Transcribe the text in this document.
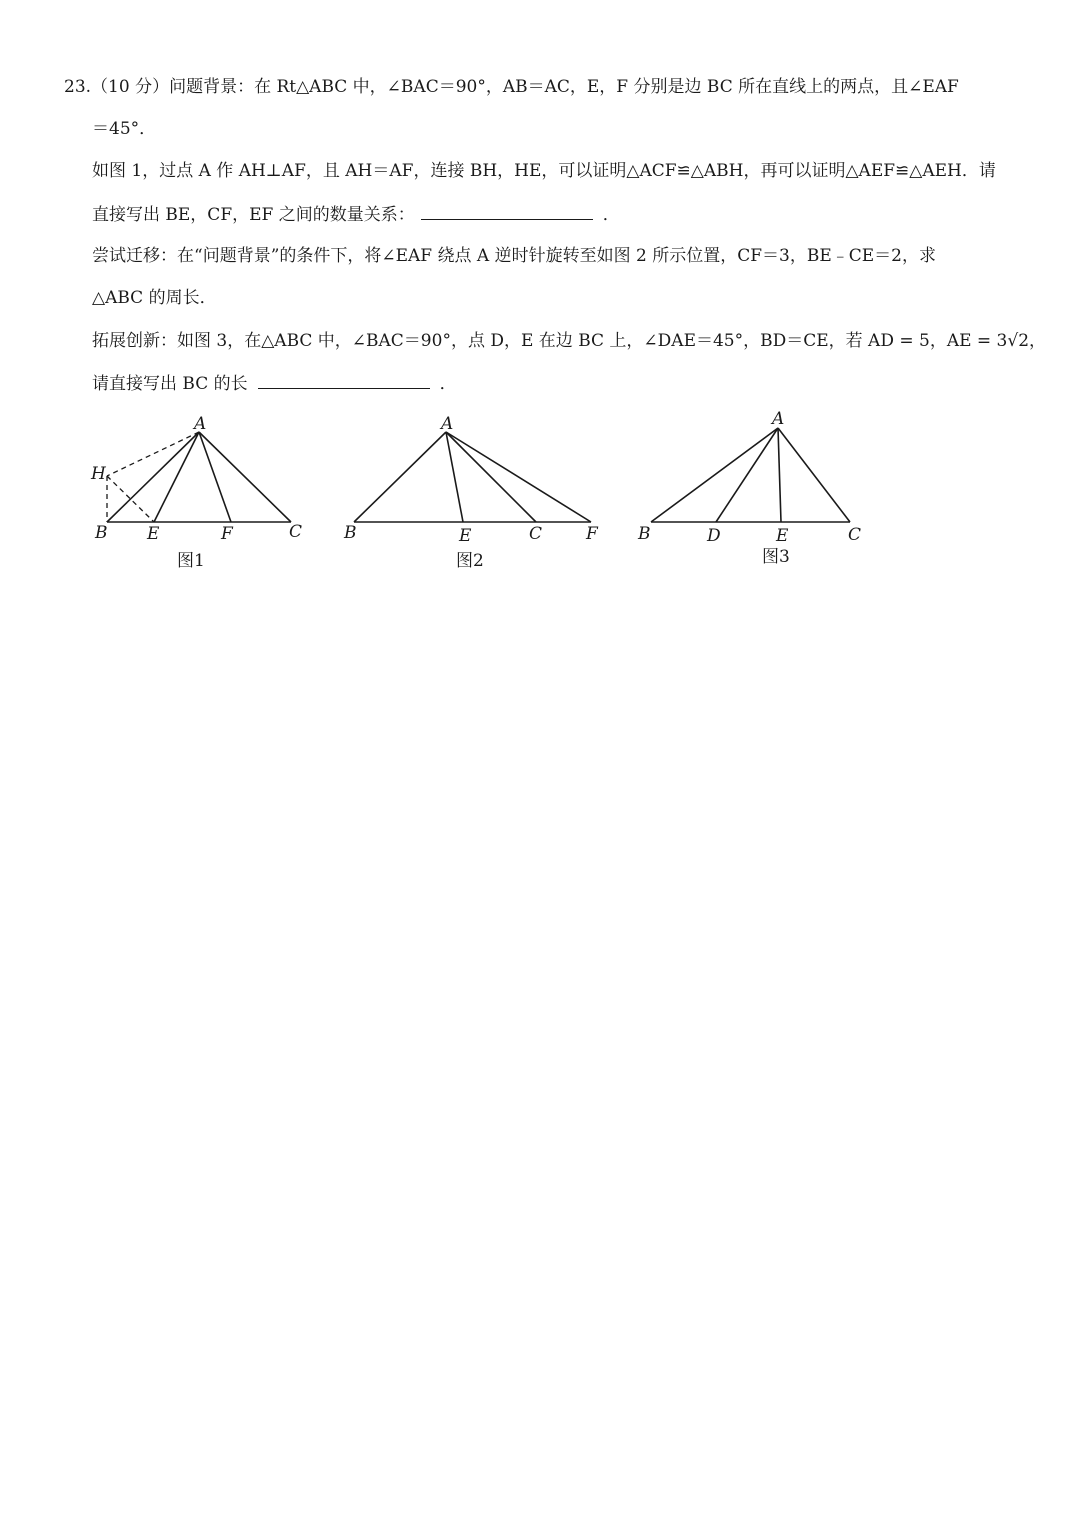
23.（10 分）问题背景：在 Rt△ABC 中，∠BAC＝90°，AB＝AC，E，F 分别是边 BC 所在直线上的两点，且∠EAF
＝45°．
如图 1，过点 A 作 AH⊥AF，且 AH＝AF，连接 BH，HE，可以证明△ACF≌△ABH，再可以证明△AEF≌△AEH．请
直接写出 BE，CF，EF 之间的数量关系：	．
尝试迁移：在“问题背景”的条件下，将∠EAF 绕点 A 逆时针旋转至如图 2 所示位置，CF＝3，BE﹣CE＝2，求
△ABC 的周长．
拓展创新：如图 3，在△ABC 中，∠BAC＝90°，点 D，E 在边 BC 上，∠DAE＝45°，BD＝CE，若 AD = 5，AE = 3√2，
请直接写出 BC 的长	．
A
H
B E	F	C
图1
A
B	E	C	F
图2
A
B	D	E	C
图3
